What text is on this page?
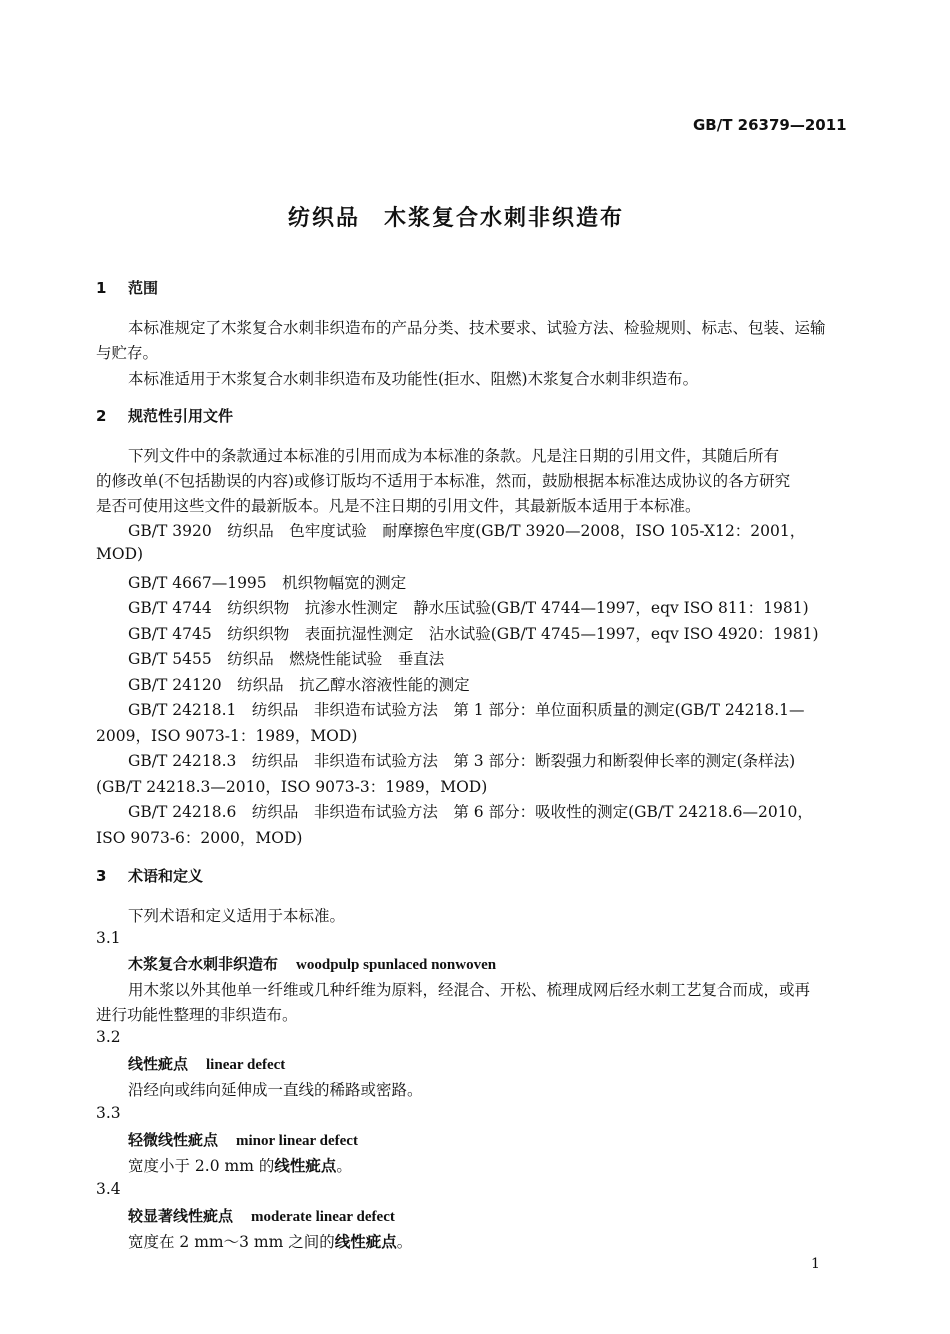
GB/T 26379—2011
纺织品　木浆复合水刺非织造布
1 范围
本标准规定了木浆复合水刺非织造布的产品分类、技术要求、试验方法、检验规则、标志、包装、运输
与贮存。
本标准适用于木浆复合水刺非织造布及功能性(拒水、阻燃)木浆复合水刺非织造布。
2 规范性引用文件
下列文件中的条款通过本标准的引用而成为本标准的条款。凡是注日期的引用文件，其随后所有
的修改单(不包括勘误的内容)或修订版均不适用于本标准，然而，鼓励根据本标准达成协议的各方研究
是否可使用这些文件的最新版本。凡是不注日期的引用文件，其最新版本适用于本标准。
GB/T 3920　纺织品　色牢度试验　耐摩擦色牢度(GB/T 3920—2008，ISO 105-X12：2001，
MOD)
GB/T 4667—1995　机织物幅宽的测定
GB/T 4744　纺织织物　抗渗水性测定　静水压试验(GB/T 4744—1997，eqv ISO 811：1981)
GB/T 4745　纺织织物　表面抗湿性测定　沾水试验(GB/T 4745—1997，eqv ISO 4920：1981)
GB/T 5455　纺织品　燃烧性能试验　垂直法
GB/T 24120　纺织品　抗乙醇水溶液性能的测定
GB/T 24218.1　纺织品　非织造布试验方法　第 1 部分：单位面积质量的测定(GB/T 24218.1—
2009，ISO 9073-1：1989，MOD)
GB/T 24218.3　纺织品　非织造布试验方法　第 3 部分：断裂强力和断裂伸长率的测定(条样法)
(GB/T 24218.3—2010，ISO 9073-3：1989，MOD)
GB/T 24218.6　纺织品　非织造布试验方法　第 6 部分：吸收性的测定(GB/T 24218.6—2010，
ISO 9073-6：2000，MOD)
3 术语和定义
下列术语和定义适用于本标准。
3.1
木浆复合水刺非织造布 woodpulp spunlaced nonwoven
用木浆以外其他单一纤维或几种纤维为原料，经混合、开松、梳理成网后经水刺工艺复合而成，或再
进行功能性整理的非织造布。
3.2
线性疵点 linear defect
沿经向或纬向延伸成一直线的稀路或密路。
3.3
轻微线性疵点 minor linear defect
宽度小于 2.0 mm 的线性疵点。
3.4
较显著线性疵点 moderate linear defect
宽度在 2 mm～3 mm 之间的线性疵点。
1
